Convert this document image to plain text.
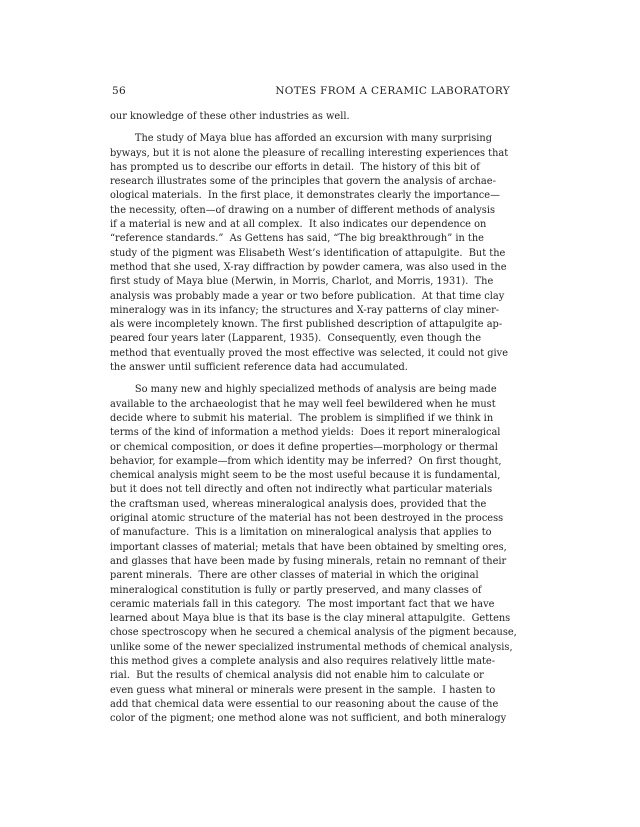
56	NOTES FROM A CERAMIC LABORATORY
our knowledge of these other industries as well.
The study of Maya blue has afforded an excursion with many surprising
byways, but it is not alone the pleasure of recalling interesting experiences that
has prompted us to describe our efforts in detail.  The history of this bit of
research illustrates some of the principles that govern the analysis of archae-
ological materials.  In the first place, it demonstrates clearly the importance—
the necessity, often—of drawing on a number of different methods of analysis
if a material is new and at all complex.  It also indicates our dependence on
“reference standards.”  As Gettens has said, “The big breakthrough” in the
study of the pigment was Elisabeth West’s identification of attapulgite.  But the
method that she used, X-ray diffraction by powder camera, was also used in the
first study of Maya blue (Merwin, in Morris, Charlot, and Morris, 1931).  The
analysis was probably made a year or two before publication.  At that time clay
mineralogy was in its infancy; the structures and X-ray patterns of clay miner-
als were incompletely known. The first published description of attapulgite ap-
peared four years later (Lapparent, 1935).  Consequently, even though the
method that eventually proved the most effective was selected, it could not give
the answer until sufficient reference data had accumulated.
So many new and highly specialized methods of analysis are being made
available to the archaeologist that he may well feel bewildered when he must
decide where to submit his material.  The problem is simplified if we think in
terms of the kind of information a method yields:  Does it report mineralogical
or chemical composition, or does it define properties—morphology or thermal
behavior, for example—from which identity may be inferred?  On first thought,
chemical analysis might seem to be the most useful because it is fundamental,
but it does not tell directly and often not indirectly what particular materials
the craftsman used, whereas mineralogical analysis does, provided that the
original atomic structure of the material has not been destroyed in the process
of manufacture.  This is a limitation on mineralogical analysis that applies to
important classes of material; metals that have been obtained by smelting ores,
and glasses that have been made by fusing minerals, retain no remnant of their
parent minerals.  There are other classes of material in which the original
mineralogical constitution is fully or partly preserved, and many classes of
ceramic materials fall in this category.  The most important fact that we have
learned about Maya blue is that its base is the clay mineral attapulgite.  Gettens
chose spectroscopy when he secured a chemical analysis of the pigment because,
unlike some of the newer specialized instrumental methods of chemical analysis,
this method gives a complete analysis and also requires relatively little mate-
rial.  But the results of chemical analysis did not enable him to calculate or
even guess what mineral or minerals were present in the sample.  I hasten to
add that chemical data were essential to our reasoning about the cause of the
color of the pigment; one method alone was not sufficient, and both mineralogy
